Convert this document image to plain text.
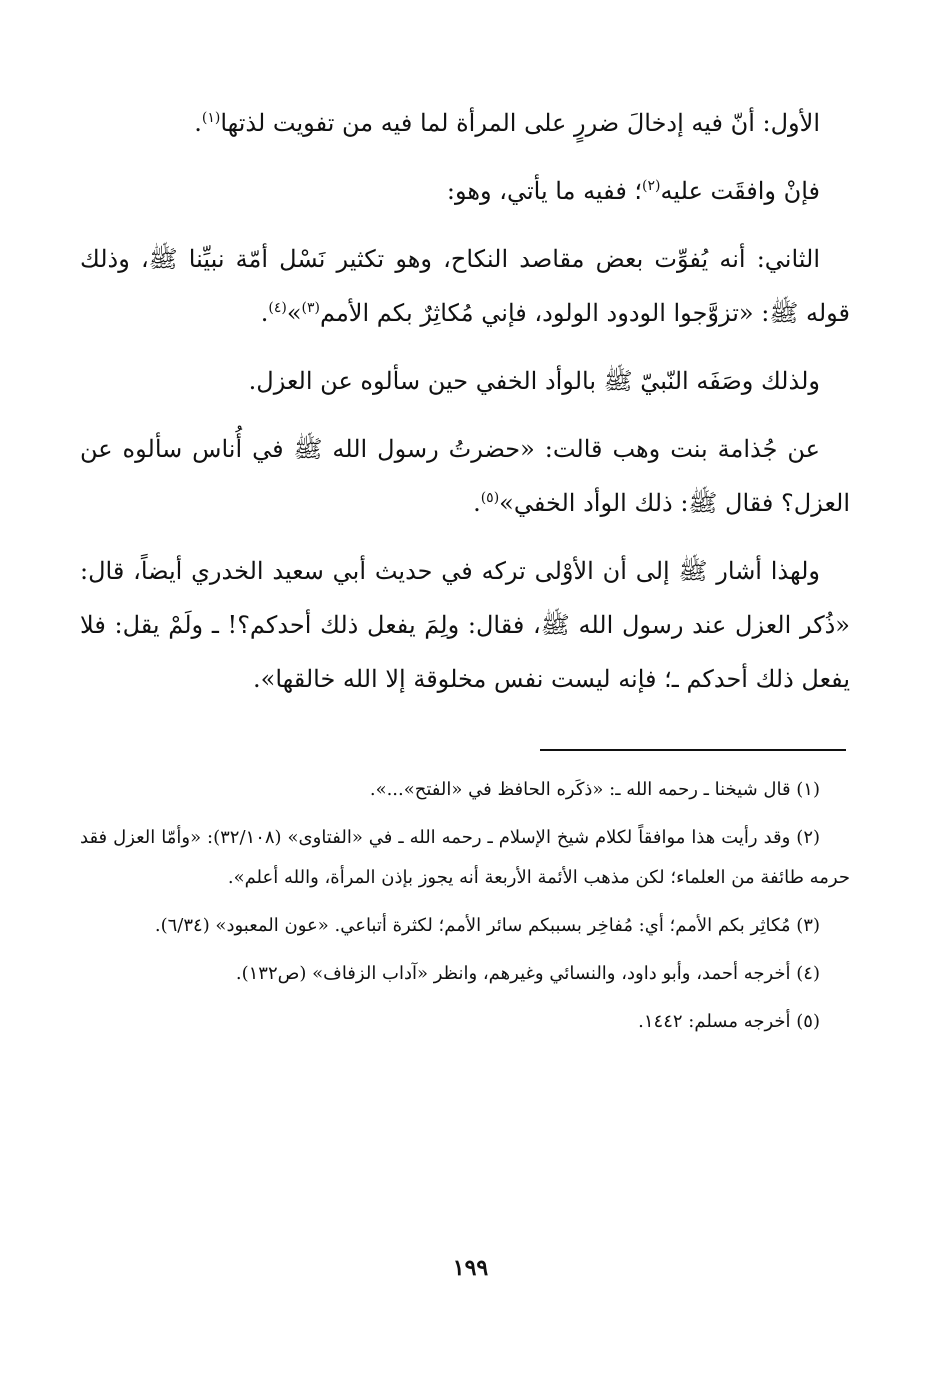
الأول: أنّ فيه إدخالَ ضررٍ على المرأة لما فيه من تفويت لذتها$^{(١)}$.

فإنْ وافقَت عليه$^{(٢)}$؛ ففيه ما يأتي، وهو:

الثاني: أنه يُفوِّت بعض مقاصد النكاح، وهو تكثير نَسْل أمّة نبيِّنا ﷺ، وذلك قوله ﷺ: «تزوَّجوا الودود الولود، فإني مُكاثِرٌ بكم الأمم$^{(٣)}$»$^{(٤)}$.

ولذلك وصَفَه النّبيّ ﷺ بالوأد الخفي حين سألوه عن العزل.

عن جُذامة بنت وهب قالت: «حضرتُ رسول الله ﷺ في أُناس سألوه عن العزل؟ فقال ﷺ: ذلك الوأد الخفي»$^{(٥)}$.

ولهذا أشار ﷺ إلى أن الأوْلى تركه في حديث أبي سعيد الخدري أيضاً، قال: «ذُكر العزل عند رسول الله ﷺ، فقال: ولِمَ يفعل ذلك أحدكم؟! ـ ولَمْ يقل: فلا يفعل ذلك أحدكم ـ؛ فإنه ليست نفس مخلوقة إلا الله خالقها».

(١) قال شيخنا ـ رحمه الله ـ: «ذكَره الحافظ في «الفتح»...».

(٢) وقد رأيت هذا موافقاً لكلام شيخ الإسلام ـ رحمه الله ـ في «الفتاوى» (٣٢/١٠٨): «وأمّا العزل فقد حرمه طائفة من العلماء؛ لكن مذهب الأئمة الأربعة أنه يجوز بإذن المرأة، والله أعلم».

(٣) مُكاثِر بكم الأمم؛ أي: مُفاخِر بسببكم سائر الأمم؛ لكثرة أتباعي. «عون المعبود» (٦/٣٤).

(٤) أخرجه أحمد، وأبو داود، والنسائي وغيرهم، وانظر «آداب الزفاف» (ص١٣٢).

(٥) أخرجه مسلم: ١٤٤٢.

١٩٩
